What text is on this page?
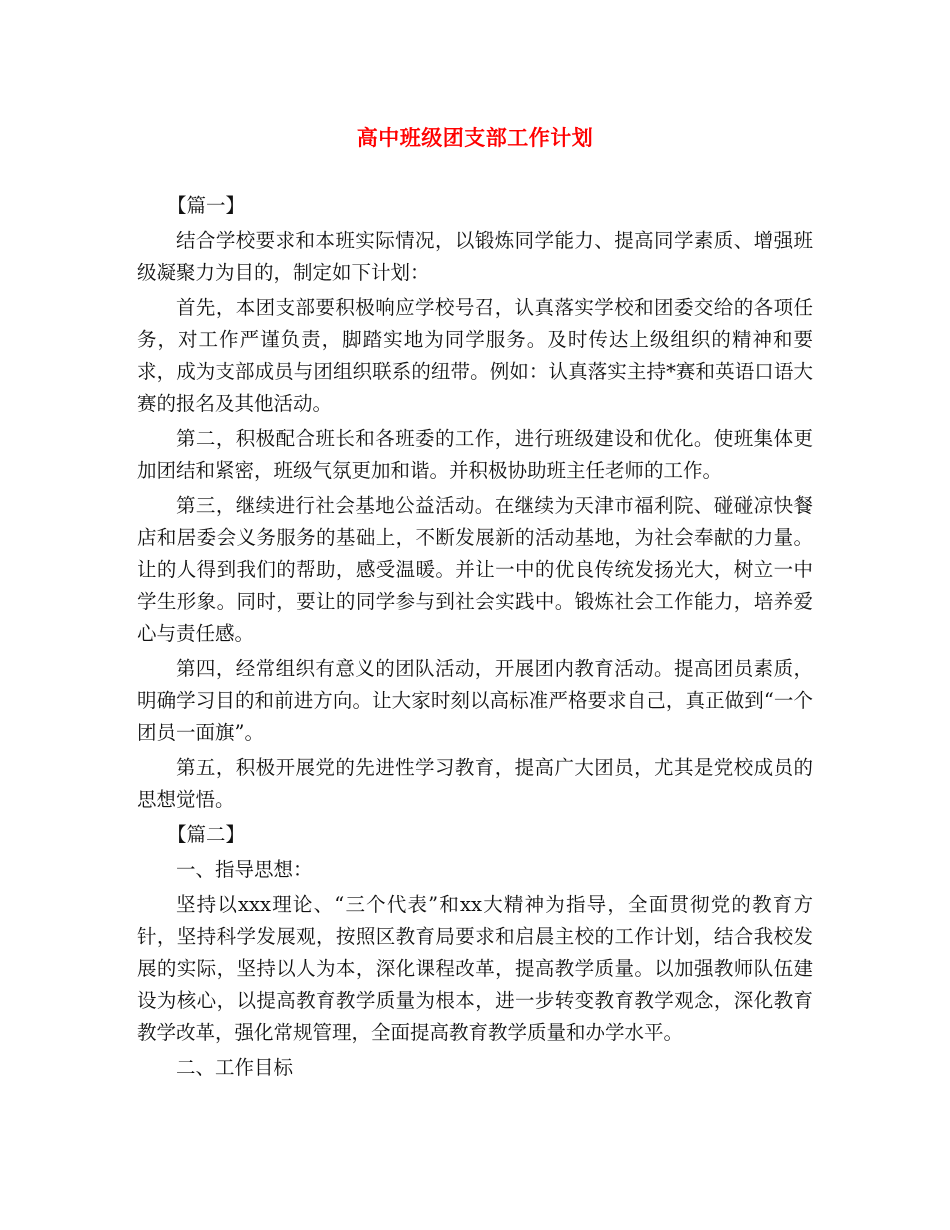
高中班级团支部工作计划

【篇一】

结合学校要求和本班实际情况，以锻炼同学能力、提高同学素质、增强班级凝聚力为目的，制定如下计划：

首先，本团支部要积极响应学校号召，认真落实学校和团委交给的各项任务，对工作严谨负责，脚踏实地为同学服务。及时传达上级组织的精神和要求，成为支部成员与团组织联系的纽带。例如：认真落实主持*赛和英语口语大赛的报名及其他活动。

第二，积极配合班长和各班委的工作，进行班级建设和优化。使班集体更加团结和紧密，班级气氛更加和谐。并积极协助班主任老师的工作。

第三，继续进行社会基地公益活动。在继续为天津市福利院、碰碰凉快餐店和居委会义务服务的基础上，不断发展新的活动基地，为社会奉献的力量。让的人得到我们的帮助，感受温暖。并让一中的优良传统发扬光大，树立一中学生形象。同时，要让的同学参与到社会实践中。锻炼社会工作能力，培养爱心与责任感。

第四，经常组织有意义的团队活动，开展团内教育活动。提高团员素质，明确学习目的和前进方向。让大家时刻以高标准严格要求自己，真正做到“一个团员一面旗”。

第五，积极开展党的先进性学习教育，提高广大团员，尤其是党校成员的思想觉悟。

【篇二】

一、指导思想：

坚持以xxx理论、“三个代表”和xx大精神为指导，全面贯彻党的教育方针，坚持科学发展观，按照区教育局要求和启晨主校的工作计划，结合我校发展的实际，坚持以人为本，深化课程改革，提高教学质量。以加强教师队伍建设为核心，以提高教育教学质量为根本，进一步转变教育教学观念，深化教育教学改革，强化常规管理，全面提高教育教学质量和办学水平。

二、工作目标
